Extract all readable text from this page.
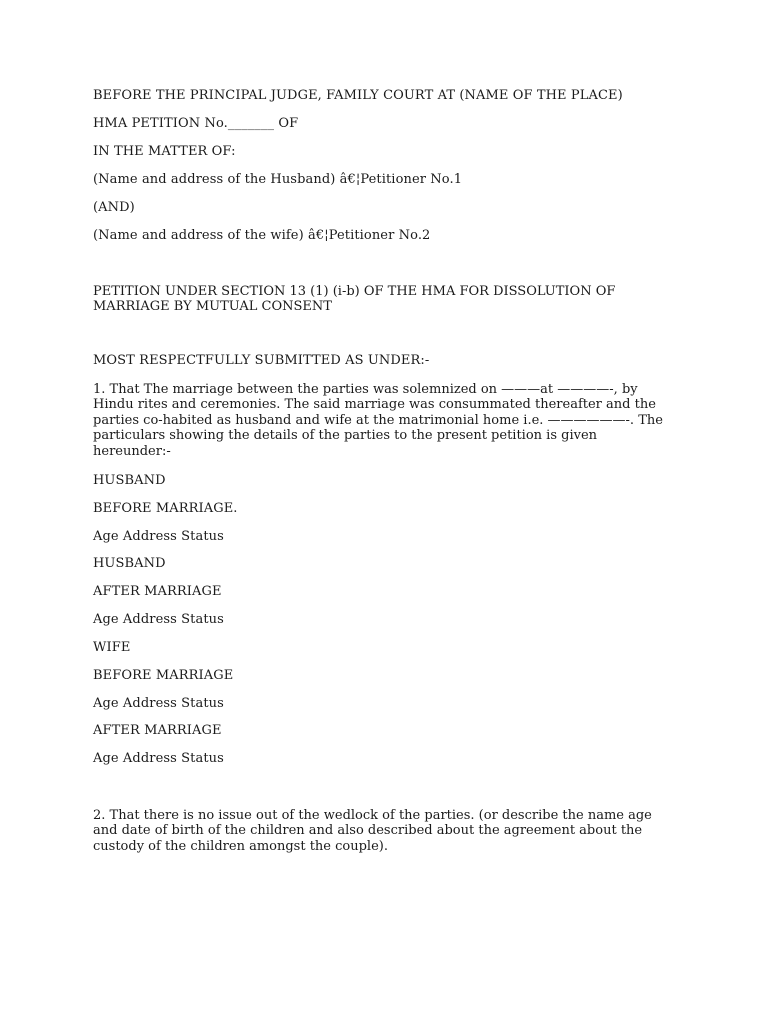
BEFORE THE PRINCIPAL JUDGE, FAMILY COURT AT (NAME OF THE PLACE)

HMA PETITION No._______ OF

IN THE MATTER OF:

(Name and address of the Husband) â€¦Petitioner No.1

(AND)

(Name and address of the wife) â€¦Petitioner No.2

PETITION UNDER SECTION 13 (1) (i-b) OF THE HMA FOR DISSOLUTION OF MARRIAGE BY MUTUAL CONSENT

MOST RESPECTFULLY SUBMITTED AS UNDER:-

1. That The marriage between the parties was solemnized on ———at ————-, by Hindu rites and ceremonies. The said marriage was consummated thereafter and the parties co-habited as husband and wife at the matrimonial home i.e. ——————-. The particulars showing the details of the parties to the present petition is given hereunder:-

HUSBAND

BEFORE MARRIAGE.

Age Address Status

HUSBAND

AFTER MARRIAGE

Age Address Status

WIFE

BEFORE MARRIAGE

Age Address Status

AFTER MARRIAGE

Age Address Status

2. That there is no issue out of the wedlock of the parties. (or describe the name age and date of birth of the children and also described about the agreement about the custody of the children amongst the couple).
